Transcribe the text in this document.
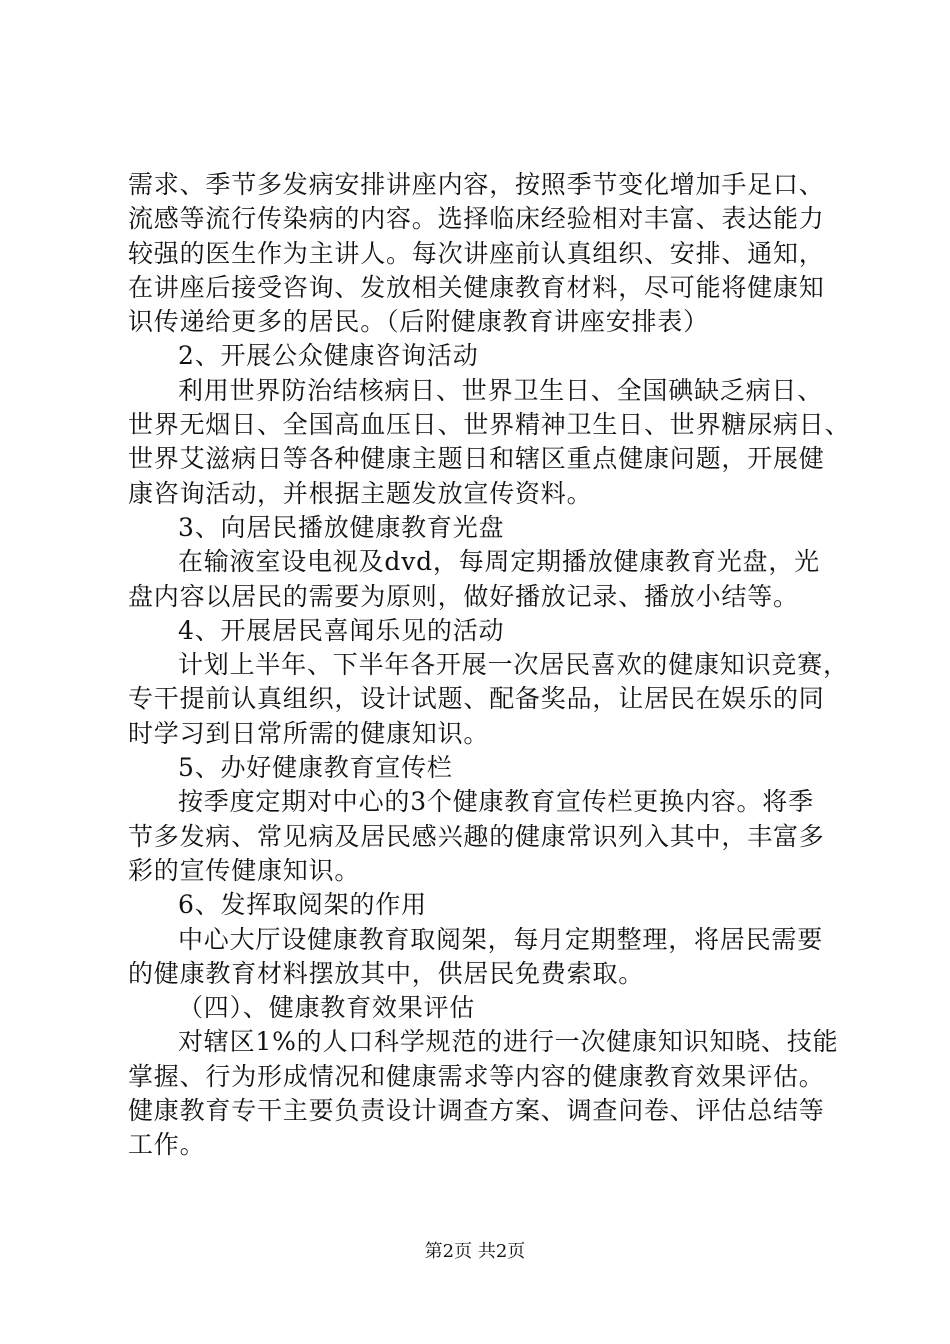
需求、季节多发病安排讲座内容，按照季节变化增加手足口、
流感等流行传染病的内容。选择临床经验相对丰富、表达能力
较强的医生作为主讲人。每次讲座前认真组织、安排、通知，
在讲座后接受咨询、发放相关健康教育材料，尽可能将健康知
识传递给更多的居民。（后附健康教育讲座安排表）
2、开展公众健康咨询活动
利用世界防治结核病日、世界卫生日、全国碘缺乏病日、
世界无烟日、全国高血压日、世界精神卫生日、世界糖尿病日、
世界艾滋病日等各种健康主题日和辖区重点健康问题，开展健
康咨询活动，并根据主题发放宣传资料。
3、向居民播放健康教育光盘
在输液室设电视及dvd，每周定期播放健康教育光盘，光
盘内容以居民的需要为原则，做好播放记录、播放小结等。
4、开展居民喜闻乐见的活动
计划上半年、下半年各开展一次居民喜欢的健康知识竞赛，
专干提前认真组织，设计试题、配备奖品，让居民在娱乐的同
时学习到日常所需的健康知识。
5、办好健康教育宣传栏
按季度定期对中心的3个健康教育宣传栏更换内容。将季
节多发病、常见病及居民感兴趣的健康常识列入其中，丰富多
彩的宣传健康知识。
6、发挥取阅架的作用
中心大厅设健康教育取阅架，每月定期整理，将居民需要
的健康教育材料摆放其中，供居民免费索取。
（四）、健康教育效果评估
对辖区1%的人口科学规范的进行一次健康知识知晓、技能
掌握、行为形成情况和健康需求等内容的健康教育效果评估。
健康教育专干主要负责设计调查方案、调查问卷、评估总结等
工作。
第2页 共2页
